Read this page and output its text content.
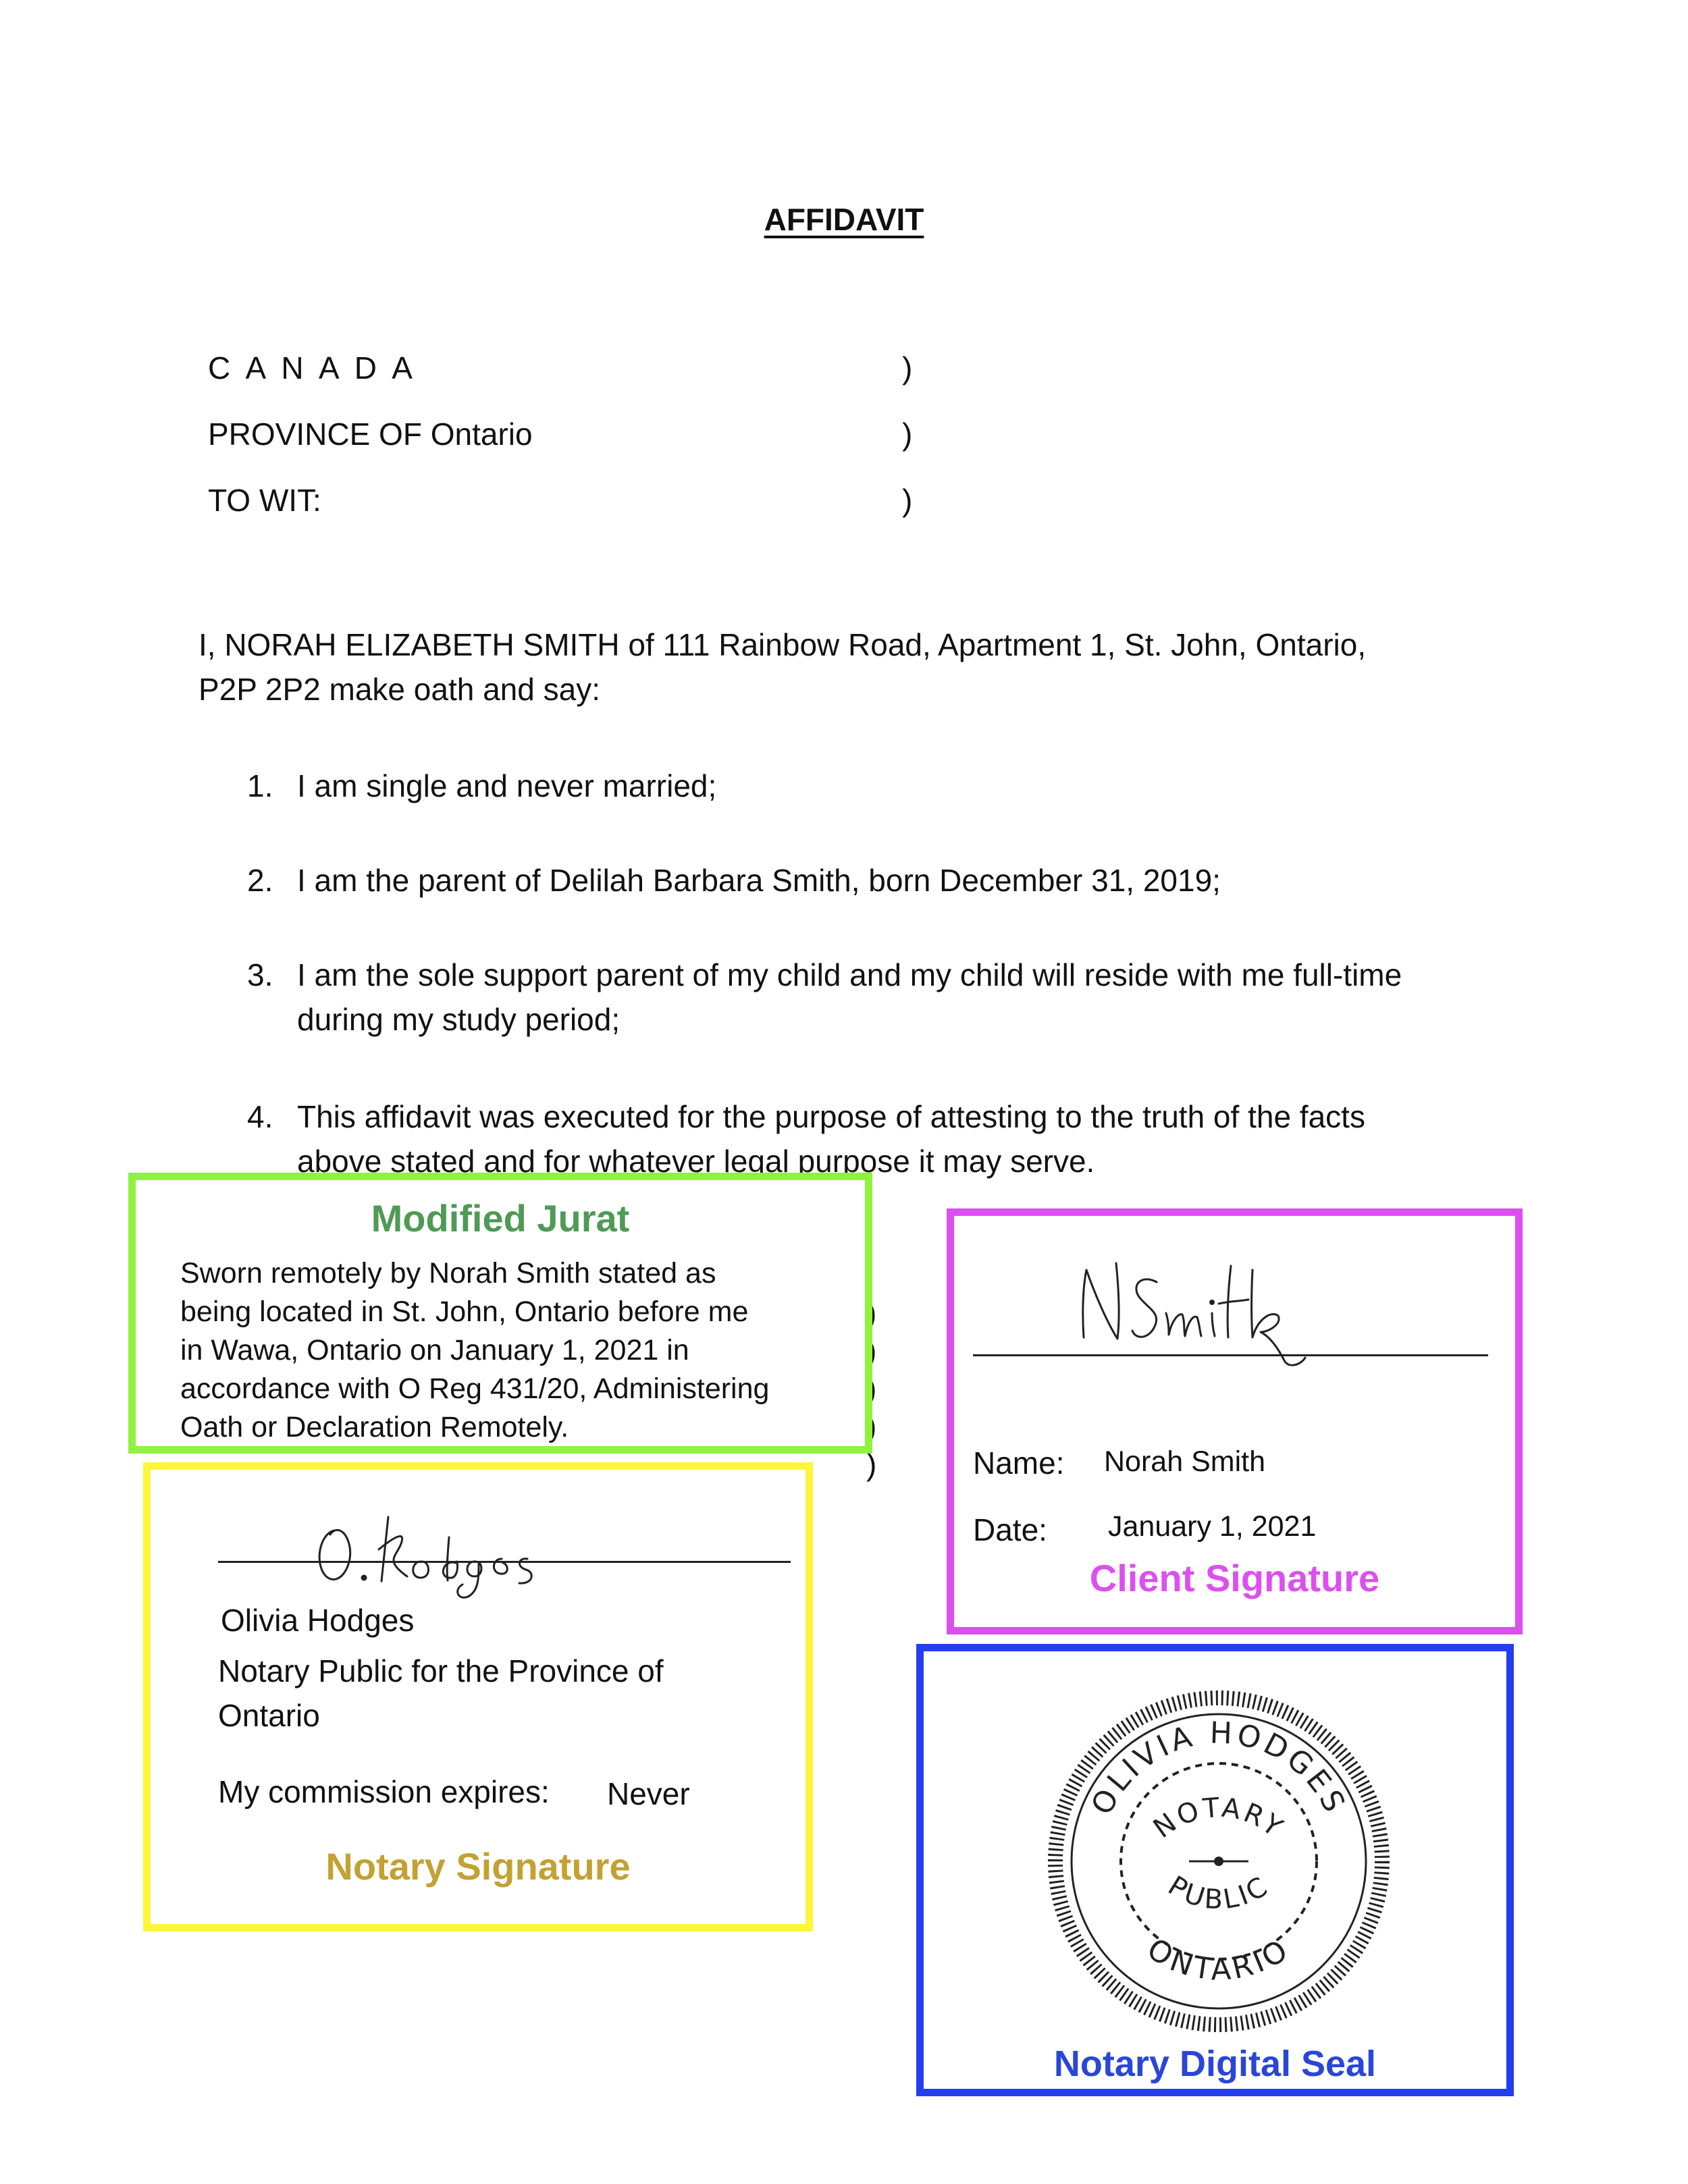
AFFIDAVIT
C A N A D A
PROVINCE OF Ontario
TO WIT:
)
)
)
I, NORAH ELIZABETH SMITH of 111 Rainbow Road, Apartment 1, St. John, Ontario,
P2P 2P2 make oath and say:
1. I am single and never married;
2. I am the parent of Delilah Barbara Smith, born December 31, 2019;
3. I am the sole support parent of my child and my child will reside with me full-time
during my study period;
4. This affidavit was executed for the purpose of attesting to the truth of the facts
above stated and for whatever legal purpose it may serve.
)
)
)
)
)
Modified Jurat
Sworn remotely by Norah Smith stated as
being located in St. John, Ontario before me
in Wawa, Ontario on January 1, 2021 in
accordance with O Reg 431/20, Administering
Oath or Declaration Remotely.
Olivia Hodges
Notary Public for the Province of
Ontario
My commission expires: Never
Notary Signature
Name: Norah Smith
Date: January 1, 2021
Client Signature
OLIVIA HODGES
ONTARIO
NOTARY
PUBLIC
Notary Digital Seal
